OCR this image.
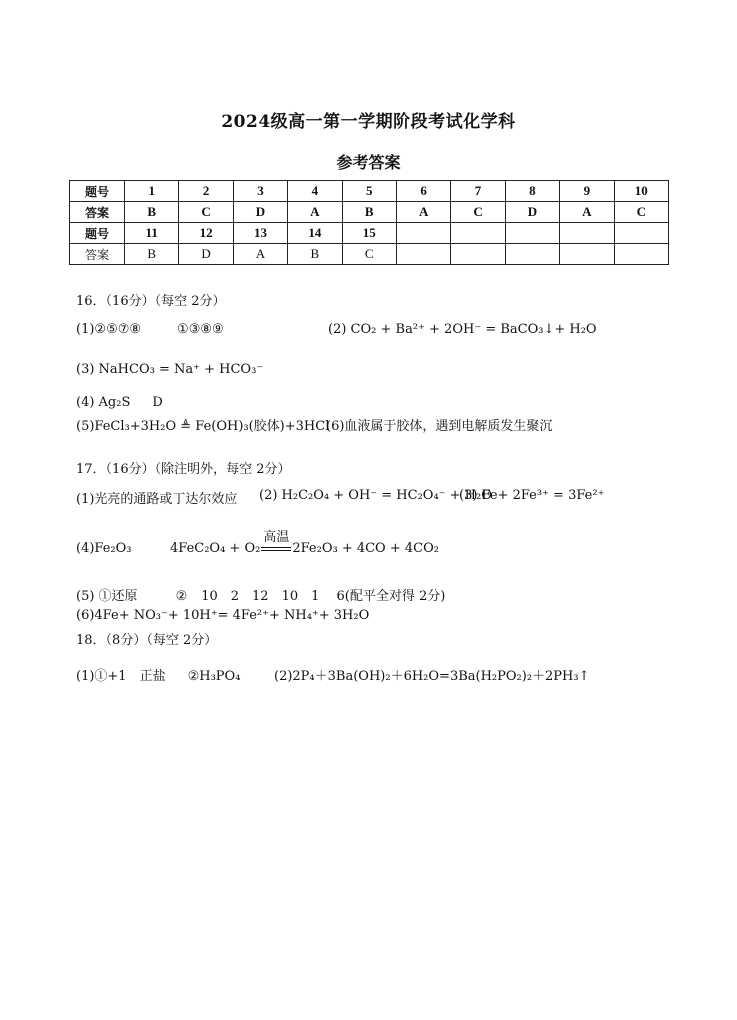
2024级高一第一学期阶段考试化学科
参考答案
题号	1	2	3	4	5	6	7	8	9	10
答案	B	C	D	A	B	A	C	D	A	C
题号	11	12	13	14	15					
答案	B	D	A	B	C					
16．（16分）（每空 2分）
(1)②⑤⑦⑧	①③⑧⑨	(2) CO₂ + Ba²⁺ + 2OH⁻ = BaCO₃↓+ H₂O
(3) NaHCO₃ = Na⁺ + HCO₃⁻
(4) Ag₂S D
(5)FeCl₃+3H₂O ≜ Fe(OH)₃(胶体)+3HCl
(6)血液属于胶体，遇到电解质发生聚沉
17．（16分）（除注明外，每空 2分）
(1)光亮的通路或丁达尔效应 (2) H₂C₂O₄ + OH⁻ = HC₂O₄⁻ + H₂O
(3) Fe+ 2Fe³⁺ = 3Fe²⁺
(4)Fe₂O₃	4FeC₂O₄ + O₂
高温
2Fe₂O₃ + 4CO + 4CO₂
(5) ①还原	② 10　2　12　10　1　 6(配平全对得 2分)
(6)4Fe+ NO₃⁻+ 10H⁺= 4Fe²⁺+ NH₄⁺+ 3H₂O
18．（8分）（每空 2分）
(1)①+1　正盐 ②H₃PO₄	(2)2P₄＋3Ba(OH)₂＋6H₂O=3Ba(H₂PO₂)₂＋2PH₃↑
